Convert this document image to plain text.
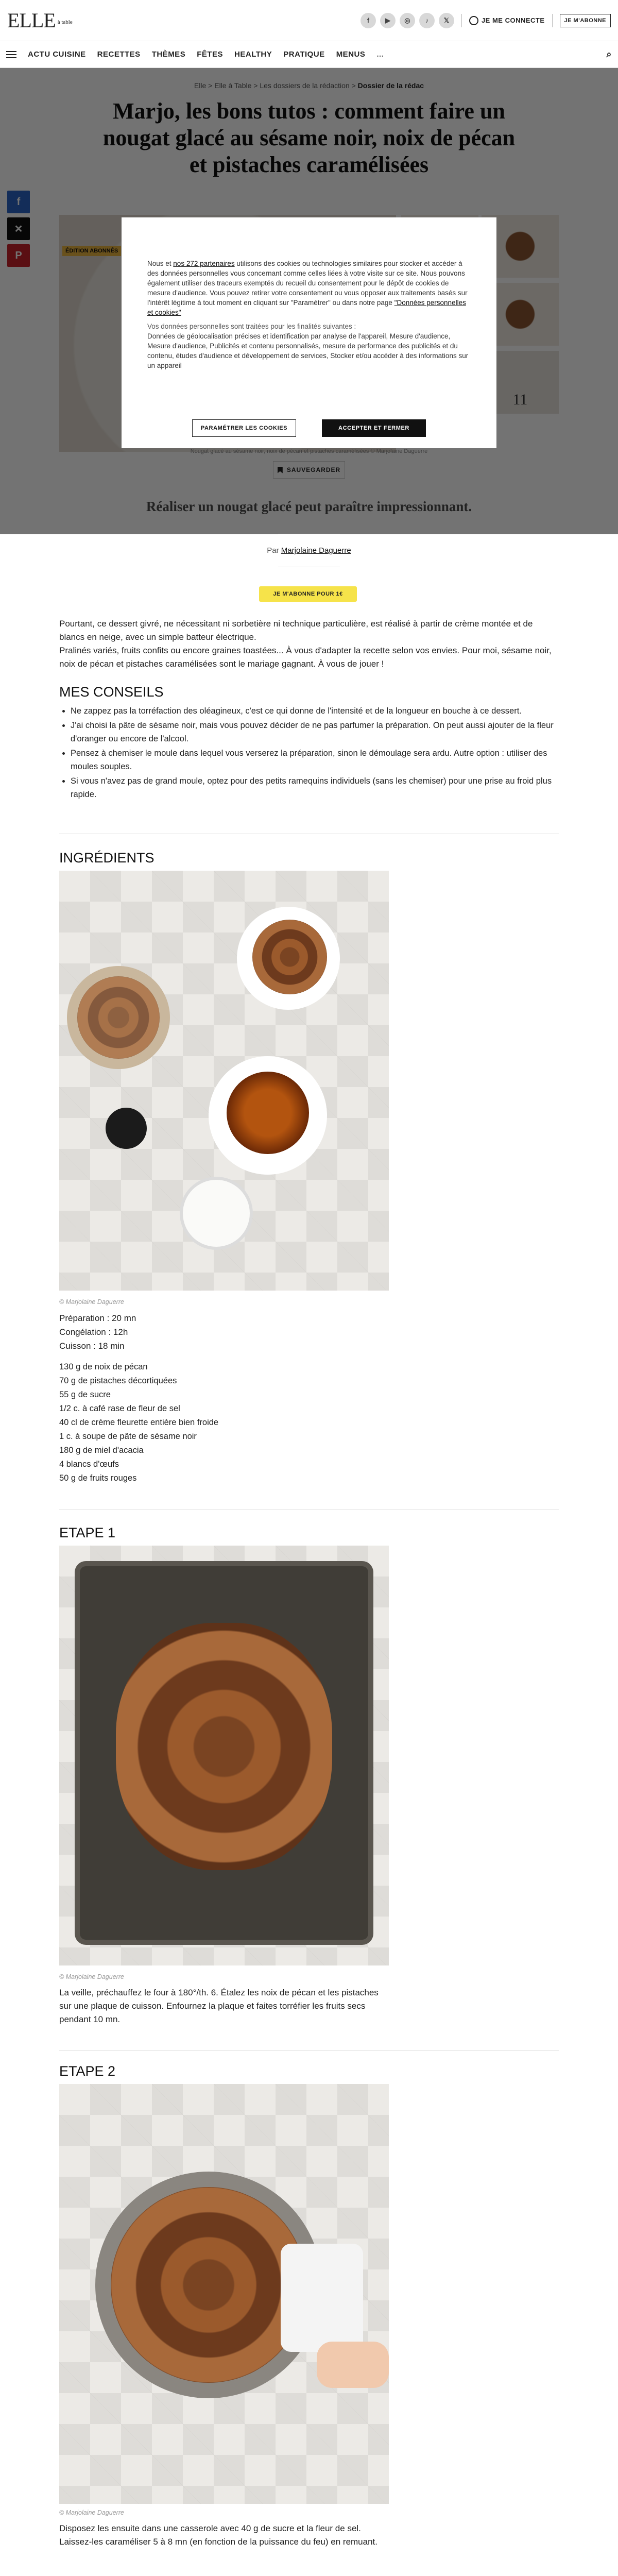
ELLE à table	f	▶	◎	♪	𝕏	JE ME CONNECTE	JE M'ABONNE
ACTU CUISINE RECETTES THÈMES FÊTES HEALTHY PRATIQUE MENUS ...	⌕

Nous et nos 272 partenaires utilisons des cookies ou technologies similaires pour stocker et accéder à des données personnelles vous concernant comme celles liées à votre visite sur ce site. Nous pouvons également utiliser des traceurs exemptés du recueil du consentement pour le dépôt de cookies de mesure d'audience. Vous pouvez retirer votre consentement ou vous opposer aux traitements basés sur l'intérêt légitime à tout moment en cliquant sur "Paramétrer" ou dans notre page "Données personnelles et cookies"

Vos données personnelles sont traitées pour les finalités suivantes :

Données de géolocalisation précises et identification par analyse de l'appareil, Mesure d'audience, Mesure d'audience, Publicités et contenu personnalisés, mesure de performance des publicités et du contenu, études d'audience et développement de services, Stocker et/ou accéder à des informations sur un appareil

PARAMÉTRER LES COOKIES	ACCEPTER ET FERMER
Réaliser un nougat glacé peut paraître impressionnant.
Par Marjolaine Daguerre
JE M'ABONNE POUR 1€

Pourtant, ce dessert givré, ne nécessitant ni sorbetière ni technique particulière, est réalisé à partir de crème montée et de blancs en neige, avec un simple batteur électrique.

Pralinés variés, fruits confits ou encore graines toastées... À vous d'adapter la recette selon vos envies. Pour moi, sésame noir, noix de pécan et pistaches caramélisées sont le mariage gagnant. À vous de jouer !

MES CONSEILS
• Ne zappez pas la torréfaction des oléagineux, c'est ce qui donne de l'intensité et de la longueur en bouche à ce dessert.
• J'ai choisi la pâte de sésame noir, mais vous pouvez décider de ne pas parfumer la préparation. On peut aussi ajouter de la fleur d'oranger ou encore de l'alcool.
• Pensez à chemiser le moule dans lequel vous verserez la préparation, sinon le démoulage sera ardu. Autre option : utiliser des moules souples.
• Si vous n'avez pas de grand moule, optez pour des petits ramequins individuels (sans les chemiser) pour une prise au froid plus rapide.
INGRÉDIENTS
© Marjolaine Daguerre
Préparation : 20 mn
Congélation : 12h
Cuisson : 18 min
130 g de noix de pécan
70 g de pistaches décortiquées
55 g de sucre
1/2 c. à café rase de fleur de sel
40 cl de crème fleurette entière bien froide
1 c. à soupe de pâte de sésame noir
180 g de miel d'acacia
4 blancs d'œufs
50 g de fruits rouges
ETAPE 1
© Marjolaine Daguerre

La veille, préchauffez le four à 180°/th. 6. Étalez les noix de pécan et les pistaches sur une plaque de cuisson. Enfournez la plaque et faites torréfier les fruits secs pendant 10 mn.

ETAPE 2
© Marjolaine Daguerre

Disposez les ensuite dans une casserole avec 40 g de sucre et la fleur de sel. Laissez-les caraméliser 5 à 8 mn (en fonction de la puissance du feu) en remuant.
